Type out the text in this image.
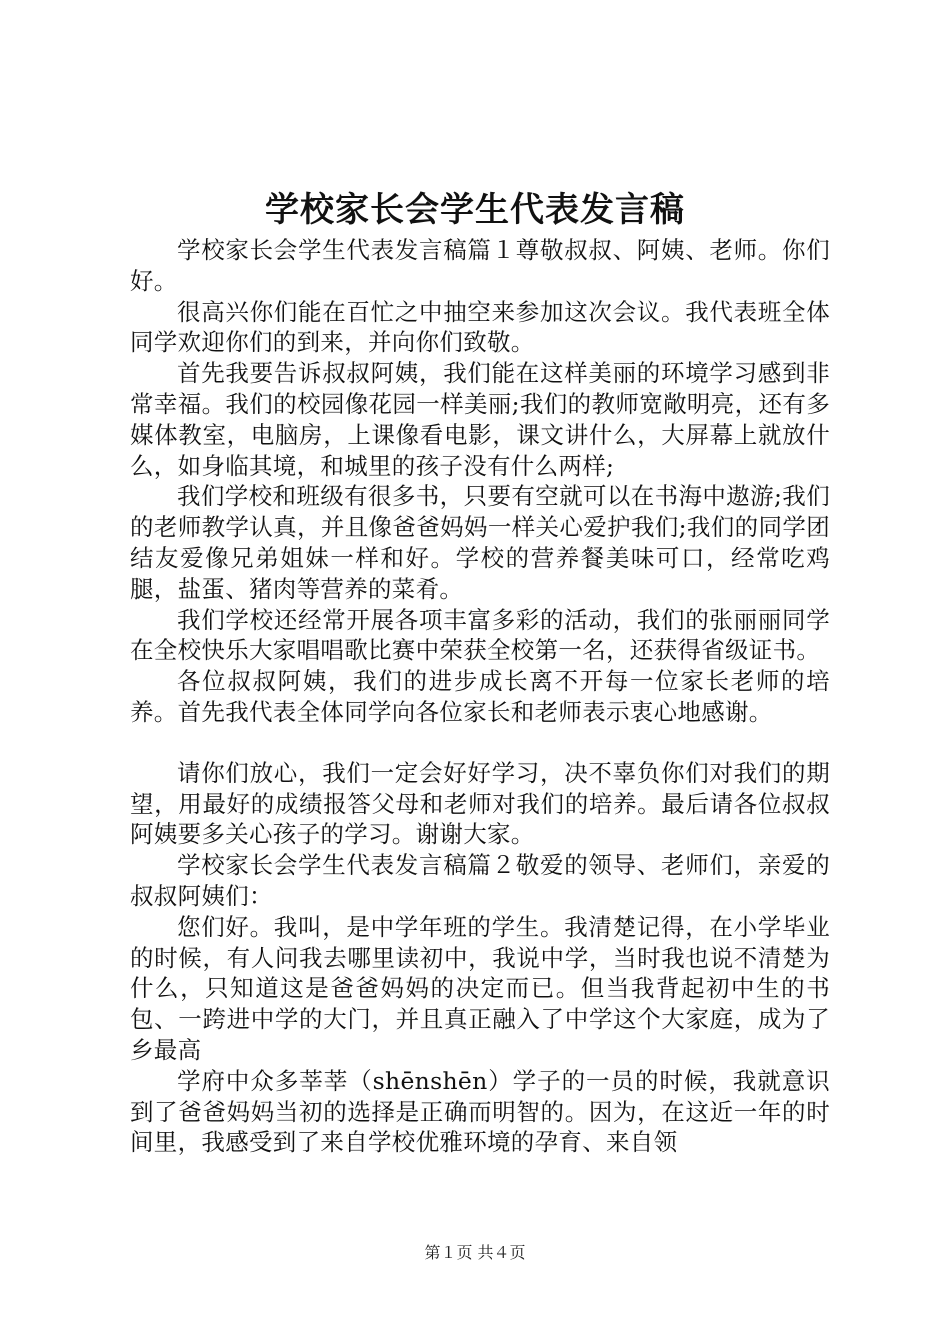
学校家长会学生代表发言稿

学校家长会学生代表发言稿篇１尊敬叔叔、阿姨、老师。你们好。

很高兴你们能在百忙之中抽空来参加这次会议。我代表班全体同学欢迎你们的到来，并向你们致敬。

首先我要告诉叔叔阿姨，我们能在这样美丽的环境学习感到非常幸福。我们的校园像花园一样美丽;我们的教师宽敞明亮，还有多媒体教室，电脑房，上课像看电影，课文讲什么，大屏幕上就放什么，如身临其境，和城里的孩子没有什么两样;

我们学校和班级有很多书，只要有空就可以在书海中遨游;我们的老师教学认真，并且像爸爸妈妈一样关心爱护我们;我们的同学团结友爱像兄弟姐妹一样和好。学校的营养餐美味可口，经常吃鸡腿，盐蛋、猪肉等营养的菜肴。

我们学校还经常开展各项丰富多彩的活动，我们的张丽丽同学在全校快乐大家唱唱歌比赛中荣获全校第一名，还获得省级证书。

各位叔叔阿姨，我们的进步成长离不开每一位家长老师的培养。首先我代表全体同学向各位家长和老师表示衷心地感谢。

请你们放心，我们一定会好好学习，决不辜负你们对我们的期望，用最好的成绩报答父母和老师对我们的培养。最后请各位叔叔阿姨要多关心孩子的学习。谢谢大家。

学校家长会学生代表发言稿篇２敬爱的领导、老师们，亲爱的叔叔阿姨们：

您们好。我叫，是中学年班的学生。我清楚记得，在小学毕业的时候，有人问我去哪里读初中，我说中学，当时我也说不清楚为什么，只知道这是爸爸妈妈的决定而已。但当我背起初中生的书包、一跨进中学的大门，并且真正融入了中学这个大家庭，成为了乡最高

学府中众多莘莘（shēnshēn）学子的一员的时候，我就意识到了爸爸妈妈当初的选择是正确而明智的。因为，在这近一年的时间里，我感受到了来自学校优雅环境的孕育、来自领

第１页 共４页
